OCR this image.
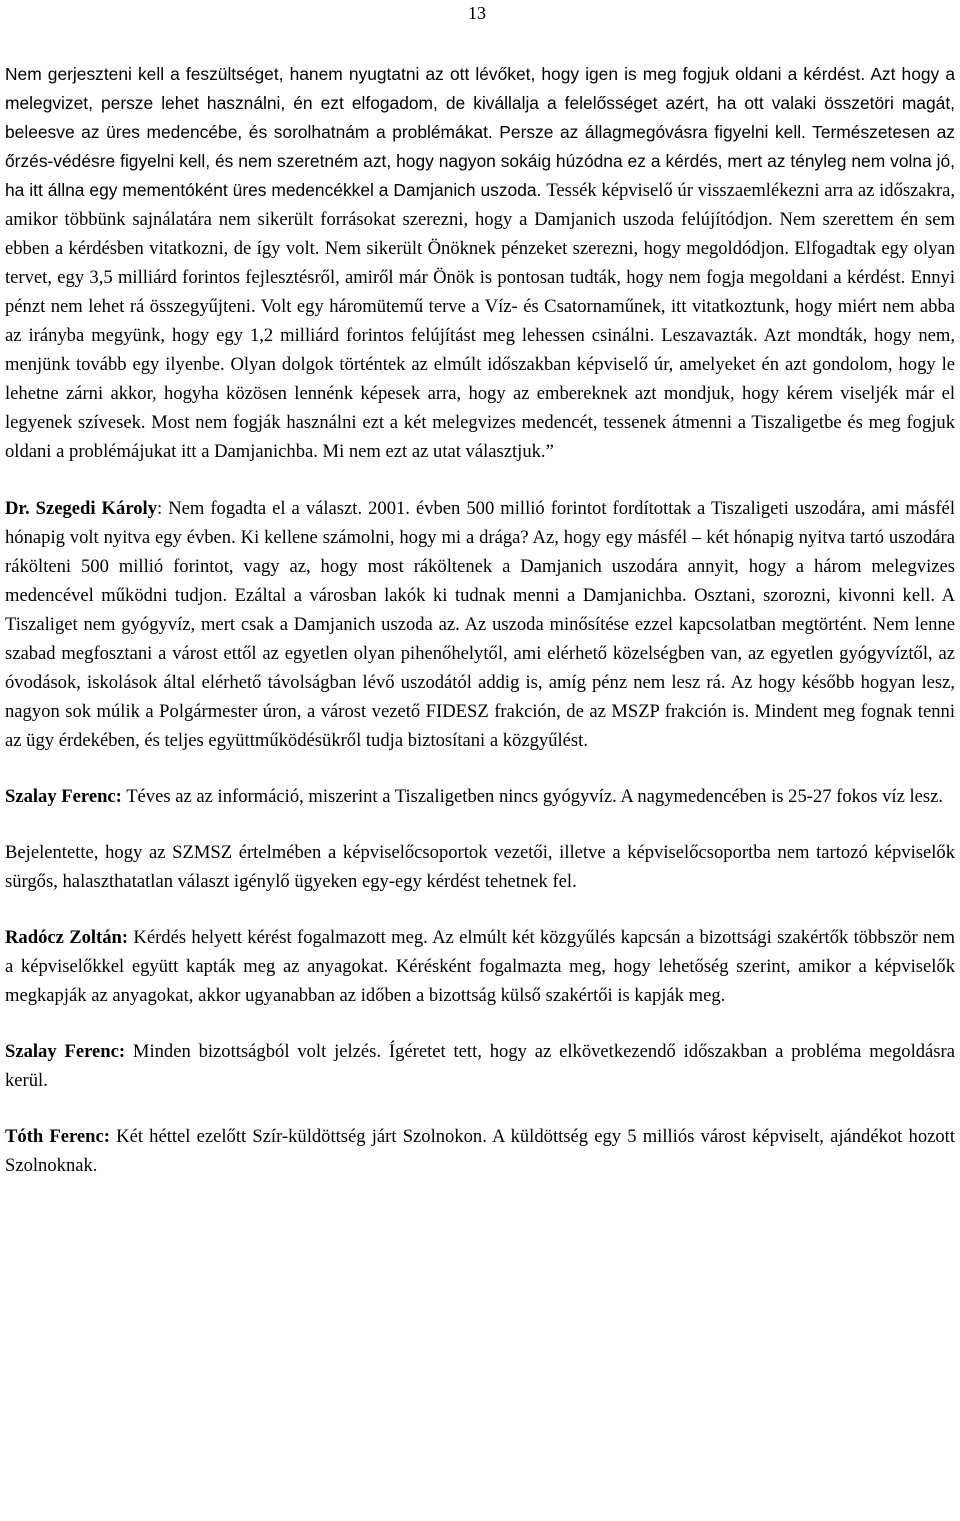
13

Nem gerjeszteni kell a feszültséget, hanem nyugtatni az ott lévőket, hogy igen is meg fogjuk oldani a kérdést. Azt hogy a melegvizet, persze lehet használni, én ezt elfogadom, de kivállalja a felelősséget azért, ha ott valaki összetöri magát, beleesve az üres medencébe, és sorolhatnám a problémákat. Persze az állagmegóvásra figyelni kell. Természetesen az őrzés-védésre figyelni kell, és nem szeretném azt, hogy nagyon sokáig húzódna ez a kérdés, mert az tényleg nem volna jó, ha itt állna egy mementóként üres medencékkel a Damjanich uszoda. Tessék képviselő úr visszaemlékezni arra az időszakra, amikor többünk sajnálatára nem sikerült forrásokat szerezni, hogy a Damjanich uszoda felújítódjon. Nem szerettem én sem ebben a kérdésben vitatkozni, de így volt. Nem sikerült Önöknek pénzeket szerezni, hogy megoldódjon. Elfogadtak egy olyan tervet, egy 3,5 milliárd forintos fejlesztésről, amiről már Önök is pontosan tudták, hogy nem fogja megoldani a kérdést. Ennyi pénzt nem lehet rá összegyűjteni. Volt egy háromütemű terve a Víz- és Csatornaműnek, itt vitatkoztunk, hogy miért nem abba az irányba megyünk, hogy egy 1,2 milliárd forintos felújítást meg lehessen csinálni. Leszavazták. Azt mondták, hogy nem, menjünk tovább egy ilyenbe. Olyan dolgok történtek az elmúlt időszakban képviselő úr, amelyeket én azt gondolom, hogy le lehetne zárni akkor, hogyha közösen lennénk képesek arra, hogy az embereknek azt mondjuk, hogy kérem viseljék már el legyenek szívesek. Most nem fogják használni ezt a két melegvizes medencét, tessenek átmenni a Tiszaligetbe és meg fogjuk oldani a problémájukat itt a Damjanichba. Mi nem ezt az utat választjuk.”

Dr. Szegedi Károly: Nem fogadta el a választ. 2001. évben 500 millió forintot fordítottak a Tiszaligeti uszodára, ami másfél hónapig volt nyitva egy évben. Ki kellene számolni, hogy mi a drága? Az, hogy egy másfél – két hónapig nyitva tartó uszodára rákölteni 500 millió forintot, vagy az, hogy most ráköltenek a Damjanich uszodára annyit, hogy a három melegvizes medencével működni tudjon. Ezáltal a városban lakók ki tudnak menni a Damjanichba. Osztani, szorozni, kivonni kell. A Tiszaliget nem gyógyvíz, mert csak a Damjanich uszoda az. Az uszoda minősítése ezzel kapcsolatban megtörtént. Nem lenne szabad megfosztani a várost ettől az egyetlen olyan pihenőhelytől, ami elérhető közelségben van, az egyetlen gyógyvíztől, az óvodások, iskolások által elérhető távolságban lévő uszodától addig is, amíg pénz nem lesz rá. Az hogy később hogyan lesz, nagyon sok múlik a Polgármester úron, a várost vezető FIDESZ frakción, de az MSZP frakción is. Mindent meg fognak tenni az ügy érdekében, és teljes együttműködésükről tudja biztosítani a közgyűlést.

Szalay Ferenc: Téves az az információ, miszerint a Tiszaligetben nincs gyógyvíz. A nagymedencében is 25-27 fokos víz lesz.

Bejelentette, hogy az SZMSZ értelmében a képviselőcsoportok vezetői, illetve a képviselőcsoportba nem tartozó képviselők sürgős, halaszthatatlan választ igénylő ügyeken egy-egy kérdést tehetnek fel.

Radócz Zoltán: Kérdés helyett kérést fogalmazott meg. Az elmúlt két közgyűlés kapcsán a bizottsági szakértők többször nem a képviselőkkel együtt kapták meg az anyagokat. Kérésként fogalmazta meg, hogy lehetőség szerint, amikor a képviselők megkapják az anyagokat, akkor ugyanabban az időben a bizottság külső szakértői is kapják meg.

Szalay Ferenc: Minden bizottságból volt jelzés. Ígéretet tett, hogy az elkövetkezendő időszakban a probléma megoldásra kerül.

Tóth Ferenc: Két héttel ezelőtt Szír-küldöttség járt Szolnokon. A küldöttség egy 5 milliós várost képviselt, ajándékot hozott Szolnoknak.
